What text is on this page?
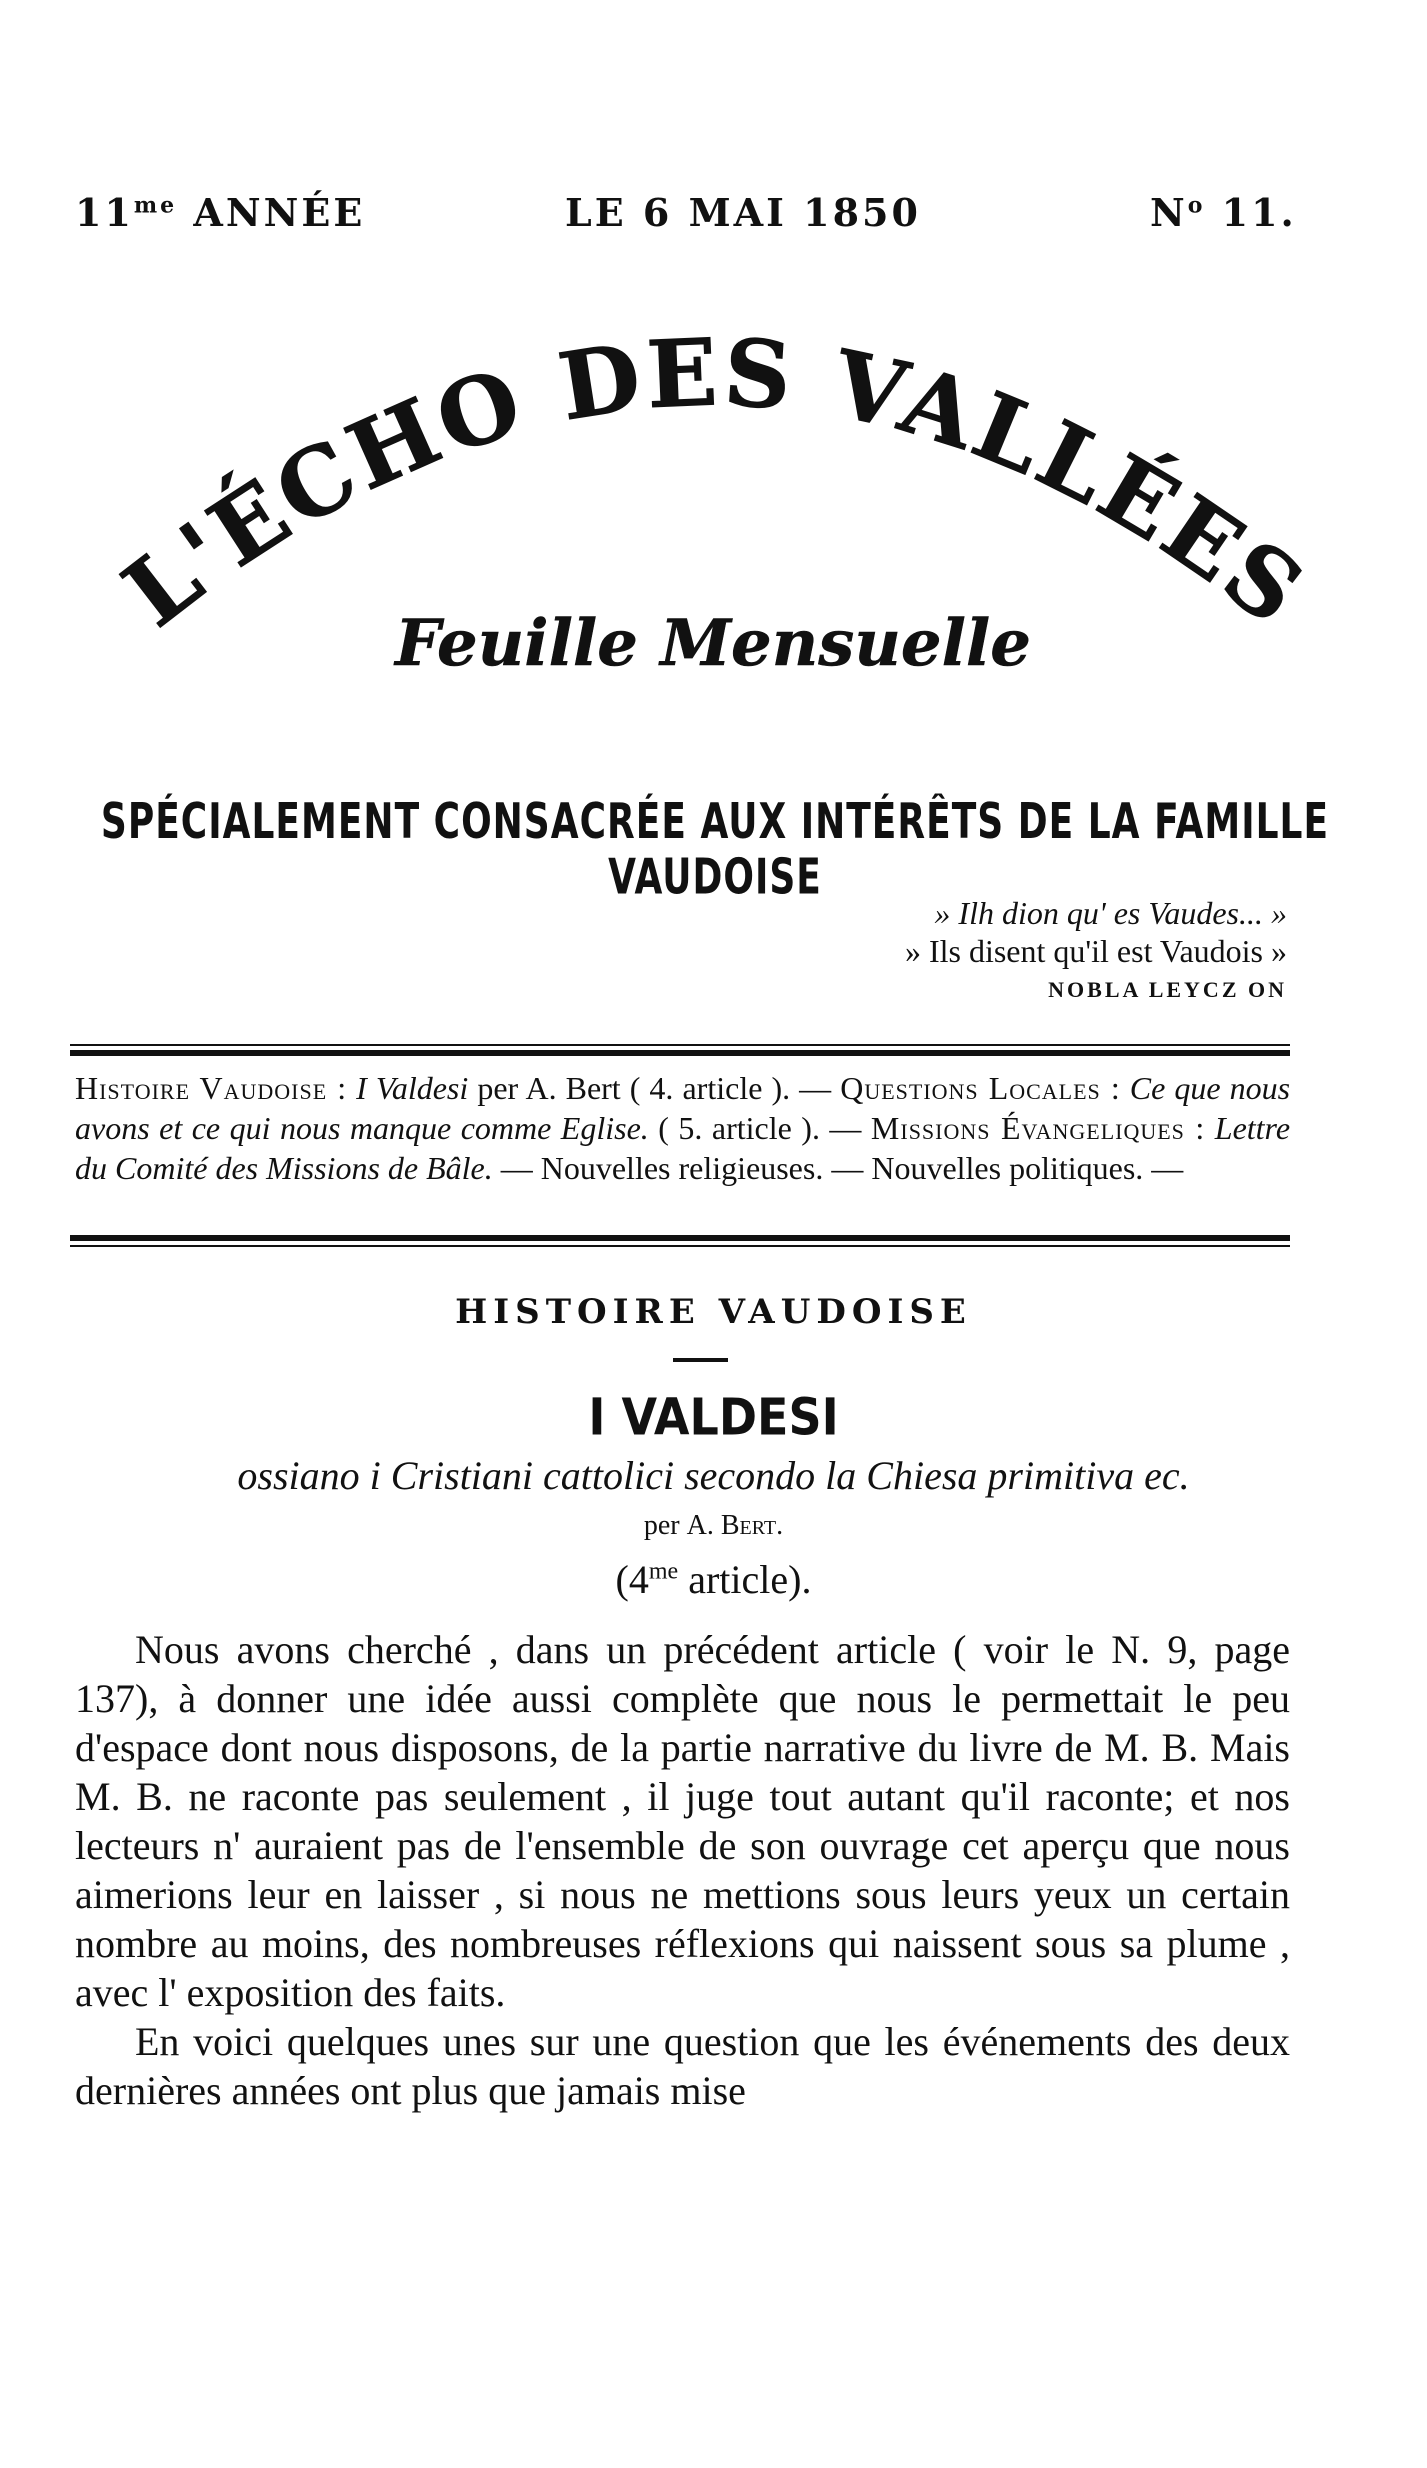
$11^{me}$ ANNÉE	LE 6 MAI 1850	$N^o$ 11.
L'ÉCHO DES VALLÉES
Feuille Mensuelle
SPÉCIALEMENT CONSACRÉE AUX INTÉRÊTS DE LA FAMILLE VAUDOISE
» Ilh dion qu' es Vaudes... »
» Ils disent qu'il est Vaudois »
NOBLA LEYCZ ON
Histoire Vaudoise : I Valdesi per A. Bert ( 4. article ). — Questions Locales : Ce que nous avons et ce qui nous manque comme Eglise. ( 5. article ). — Missions Évangeliques : Lettre du Comité des Missions de Bâle. — Nouvelles religieuses. — Nouvelles politiques. —
HISTOIRE VAUDOISE
I VALDESI
ossiano i Cristiani cattolici secondo la Chiesa primitiva ec.
per A. Bert.
($4^{me}$ article).

Nous avons cherché , dans un précédent article ( voir le N. 9, page 137), à donner une idée aussi complète que nous le permettait le peu d'espace dont nous disposons, de la partie narrative du livre de M. B. Mais M. B. ne raconte pas seulement , il juge tout autant qu'il raconte; et nos lecteurs n' auraient pas de l'ensemble de son ouvrage cet aperçu que nous aimerions leur en laisser , si nous ne mettions sous leurs yeux un certain nombre au moins, des nombreuses réflexions qui naissent sous sa plume , avec l' exposition des faits.

En voici quelques unes sur une question que les événements des deux dernières années ont plus que jamais mise
